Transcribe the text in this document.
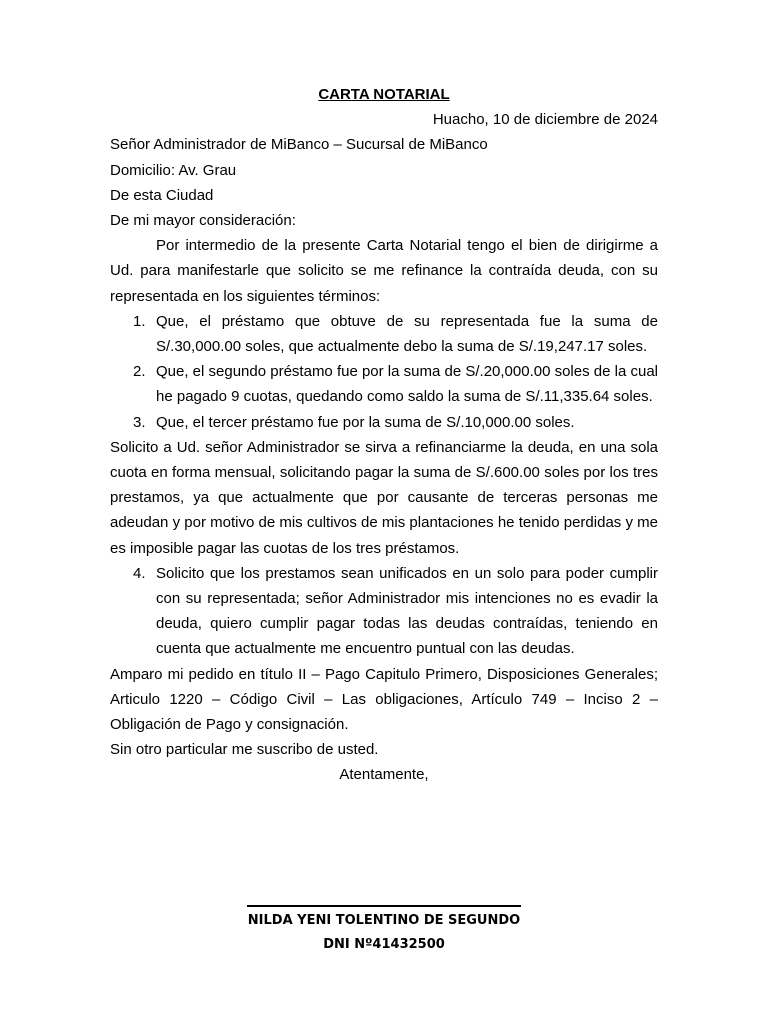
CARTA NOTARIAL

Huacho, 10 de diciembre de 2024

Señor Administrador de MiBanco – Sucursal de MiBanco

Domicilio: Av. Grau

De esta Ciudad

De mi mayor consideración:

Por intermedio de la presente Carta Notarial tengo el bien de dirigirme a Ud. para manifestarle que solicito se me refinance la contraída deuda, con su representada en los siguientes términos:

1. Que, el préstamo que obtuve de su representada fue la suma de S/.30,000.00 soles, que actualmente debo la suma de S/.19,247.17 soles.
2. Que, el segundo préstamo fue por la suma de S/.20,000.00 soles de la cual he pagado 9 cuotas, quedando como saldo la suma de S/.11,335.64 soles.
3. Que, el tercer préstamo fue por la suma de S/.10,000.00 soles.

Solicito a Ud. señor Administrador se sirva a refinanciarme la deuda, en una sola cuota en forma mensual, solicitando pagar la suma de S/.600.00 soles por los tres prestamos, ya que actualmente que por causante de terceras personas me adeudan y por motivo de mis cultivos de mis plantaciones he tenido perdidas y me es imposible pagar las cuotas de los tres préstamos.

4. Solicito que los prestamos sean unificados en un solo para poder cumplir con su representada; señor Administrador mis intenciones no es evadir la deuda, quiero cumplir pagar todas las deudas contraídas, teniendo en cuenta que actualmente me encuentro puntual con las deudas.

Amparo mi pedido en título II – Pago Capitulo Primero, Disposiciones Generales; Articulo 1220 – Código Civil – Las obligaciones, Artículo 749 – Inciso 2 – Obligación de Pago y consignación.

Sin otro particular me suscribo de usted.

Atentamente,

NILDA YENI TOLENTINO DE SEGUNDO
DNI Nº41432500
